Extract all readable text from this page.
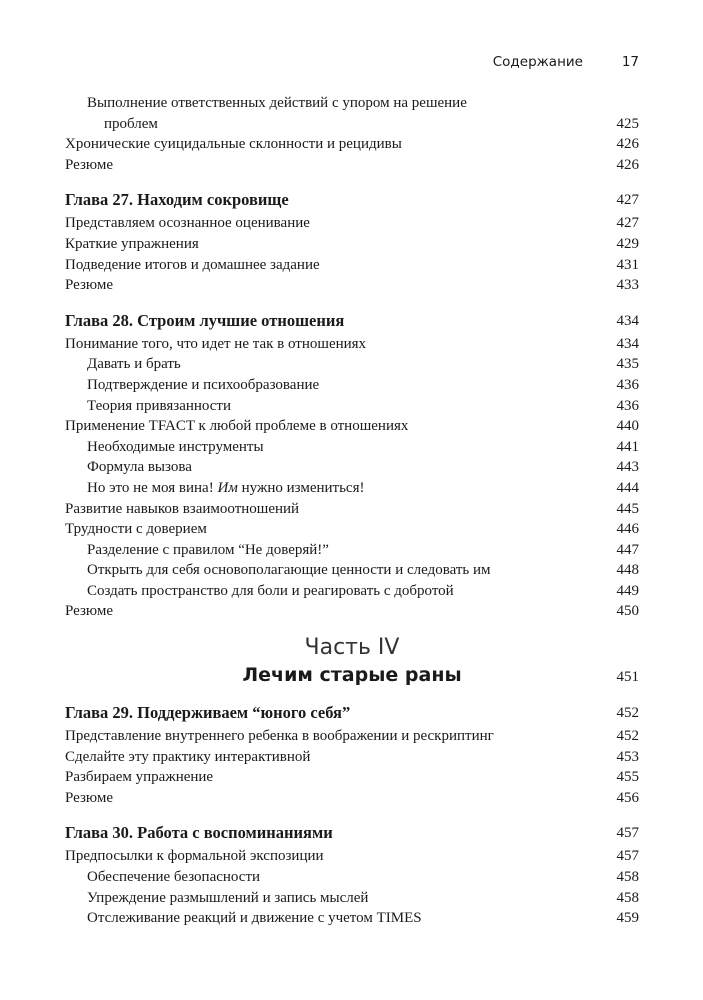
Содержание	17
Выполнение ответственных действий с упором на решение
проблем	425
Хронические суицидальные склонности и рецидивы	426
Резюме	426
Глава 27. Находим сокровище	427
Представляем осознанное оценивание	427
Краткие упражнения	429
Подведение итогов и домашнее задание	431
Резюме	433
Глава 28. Строим лучшие отношения	434
Понимание того, что идет не так в отношениях	434
Давать и брать	435
Подтверждение и психообразование	436
Теория привязанности	436
Применение TFACT к любой проблеме в отношениях	440
Необходимые инструменты	441
Формула вызова	443
Но это не моя вина! Им нужно измениться!	444
Развитие навыков взаимоотношений	445
Трудности с доверием	446
Разделение с правилом “Не доверяй!”	447
Открыть для себя основополагающие ценности и следовать им	448
Создать пространство для боли и реагировать с добротой	449
Резюме	450
Часть IV
Лечим старые раны	451
Глава 29. Поддерживаем “юного себя”	452
Представление внутреннего ребенка в воображении и рескриптинг	452
Сделайте эту практику интерактивной	453
Разбираем упражнение	455
Резюме	456
Глава 30. Работа с воспоминаниями	457
Предпосылки к формальной экспозиции	457
Обеспечение безопасности	458
Упреждение размышлений и запись мыслей	458
Отслеживание реакций и движение с учетом TIMES	459
